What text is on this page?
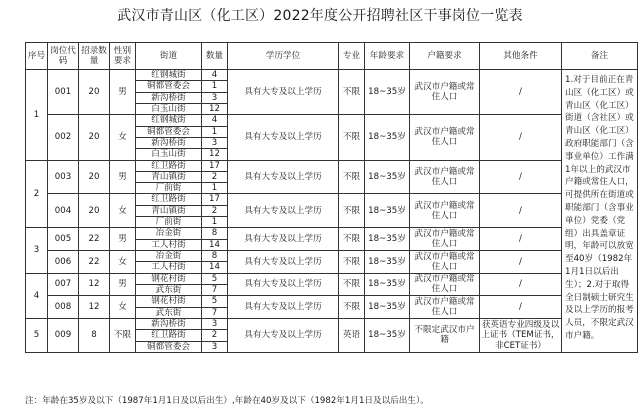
武汉市青山区（化工区）2022年度公开招聘社区干事岗位一览表
序号	岗位代码	招录数量	性别要求	街道	数量	学历学位	专业	年龄要求	户籍要求	其他条件	备注
1	001	20	男	红钢城街	4	具有大专及以上学历	不限	18~35岁	武汉市户籍或常住人口	/	1.对于目前正在青山区（化工区）或青山区（化工区）街道（含社区）或青山区（化工区）政府职能部门（含事业单位）工作满1年以上的武汉市户籍或常住人口，可提供所在街道或职能部门（含事业单位）党委（党组）出具盖章证明，年龄可以放宽至40岁（1982年1月1日以后出生）；2.对于取得全日制硕士研究生及以上学历的报考人员，不限定武汉市户籍。
				铜都管委会	1						
				新沟桥街	3						
				白玉山街	12						
	002	20	女	红钢城街	4	具有大专及以上学历	不限	18~35岁	武汉市户籍或常住人口	/	
				铜都管委会	1						
				新沟桥街	3						
				白玉山街	12						
2	003	20	男	红卫路街	17	具有大专及以上学历	不限	18~35岁	武汉市户籍或常住人口	/	
				青山镇街	2						
				厂前街	1						
	004	20	女	红卫路街	17	具有大专及以上学历	不限	18~35岁	武汉市户籍或常住人口	/	
				青山镇街	2						
				厂前街	1						
3	005	22	男	冶金街	8	具有大专及以上学历	不限	18~35岁	武汉市户籍或常住人口	/	
				工人村街	14						
	006	22	女	冶金街	8	具有大专及以上学历	不限	18~35岁	武汉市户籍或常住人口	/	
				工人村街	14						
4	007	12	男	钢花村街	5	具有大专及以上学历	不限	18~35岁	武汉市户籍或常住人口	/	
				武东街	7						
	008	12	女	钢花村街	5	具有大专及以上学历	不限	18~35岁	武汉市户籍或常住人口	/	
				武东街	7						
5	009	8	不限	新沟桥街	3	具有大专及以上学历	英语	18~35岁	不限定武汉市户籍	获英语专业四级及以上证书（TEM证书，非CET证书）	
				红卫路街	2						
				铜都管委会	3						
注：年龄在35岁及以下（1987年1月1日及以后出生）,年龄在40岁及以下（1982年1月1日及以后出生）。
